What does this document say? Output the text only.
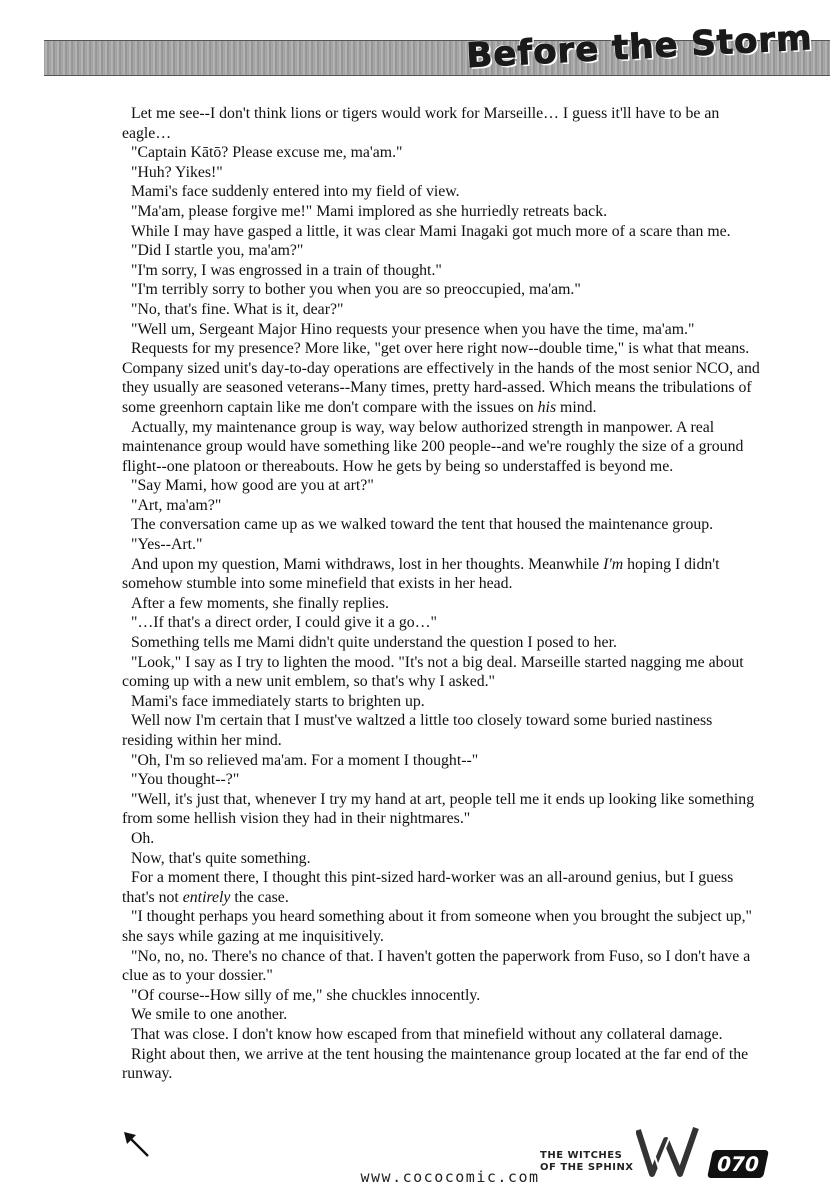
Before the Storm

Let me see--I don't think lions or tigers would work for Marseille… I guess it'll have to be an eagle…

"Captain Kātō? Please excuse me, ma'am."

"Huh? Yikes!"

Mami's face suddenly entered into my field of view.

"Ma'am, please forgive me!" Mami implored as she hurriedly retreats back.

While I may have gasped a little, it was clear Mami Inagaki got much more of a scare than me.

"Did I startle you, ma'am?"

"I'm sorry, I was engrossed in a train of thought."

"I'm terribly sorry to bother you when you are so preoccupied, ma'am."

"No, that's fine. What is it, dear?"

"Well um, Sergeant Major Hino requests your presence when you have the time, ma'am."

Requests for my presence? More like, "get over here right now--double time," is what that means. Company sized unit's day-to-day operations are effectively in the hands of the most senior NCO, and they usually are seasoned veterans--Many times, pretty hard-assed. Which means the tribulations of some greenhorn captain like me don't compare with the issues on his mind.

Actually, my maintenance group is way, way below authorized strength in manpower. A real maintenance group would have something like 200 people--and we're roughly the size of a ground flight--one platoon or thereabouts. How he gets by being so understaffed is beyond me.

"Say Mami, how good are you at art?"

"Art, ma'am?"

The conversation came up as we walked toward the tent that housed the maintenance group.

"Yes--Art."

And upon my question, Mami withdraws, lost in her thoughts. Meanwhile I'm hoping I didn't somehow stumble into some minefield that exists in her head.

After a few moments, she finally replies.

"…If that's a direct order, I could give it a go…"

Something tells me Mami didn't quite understand the question I posed to her.

"Look," I say as I try to lighten the mood. "It's not a big deal. Marseille started nagging me about coming up with a new unit emblem, so that's why I asked."

Mami's face immediately starts to brighten up.

Well now I'm certain that I must've waltzed a little too closely toward some buried nastiness residing within her mind.

"Oh, I'm so relieved ma'am. For a moment I thought--"

"You thought--?"

"Well, it's just that, whenever I try my hand at art, people tell me it ends up looking like something from some hellish vision they had in their nightmares."

Oh.

Now, that's quite something.

For a moment there, I thought this pint-sized hard-worker was an all-around genius, but I guess that's not entirely the case.

"I thought perhaps you heard something about it from someone when you brought the subject up," she says while gazing at me inquisitively.

"No, no, no. There's no chance of that. I haven't gotten the paperwork from Fuso, so I don't have a clue as to your dossier."

"Of course--How silly of me," she chuckles innocently.

We smile to one another.

That was close. I don't know how escaped from that minefield without any collateral damage.

Right about then, we arrive at the tent housing the maintenance group located at the far end of the runway.

THE WITCHES
OF THE SPHINX	070
www.cococomic.com
